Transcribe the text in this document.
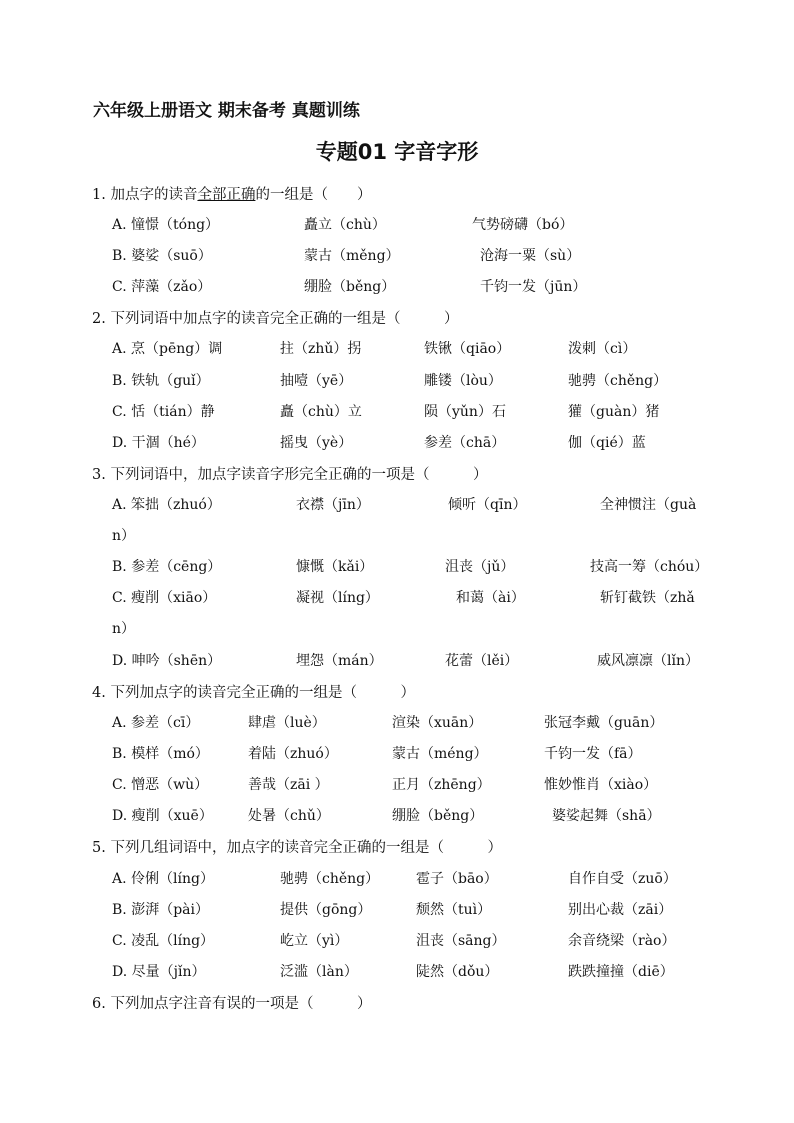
六年级上册语文 期末备考 真题训练
专题01 字音字形
1. 加点字的读音全部正确的一组是（　　）
A. 憧憬（tóng）	矗立（chù）	气势磅礴（bó）
B. 婆娑（suō）	蒙古（měng）	沧海一粟（sù）
C. 萍藻（zǎo）	绷脸（běng）	千钧一发（jūn）
2. 下列词语中加点字的读音完全正确的一组是（　　　）
A. 烹（pēng）调	拄（zhǔ）拐	铁锹（qiāo）	泼刺（cì）
B. 铁轨（guǐ）	抽噎（yē）	雕镂（lòu）	驰骋（chěng）
C. 恬（tián）静	矗（chù）立	陨（yǔn）石	獾（guàn）猪
D. 干涸（hé）	摇曳（yè）	参差（chā）	伽（qié）蓝
3. 下列词语中，加点字读音字形完全正确的一项是（　　　）
A. 笨拙（zhuó）	衣襟（jīn）	倾听（qīn）	全神惯注（guà
n）
B. 参差（cēng）	慷慨（kǎi）	沮丧（jǔ）	技高一筹（chóu）
C. 瘦削（xiāo）	凝视（líng）	和蔼（ài）	斩钉截铁（zhǎ
n）
D. 呻吟（shēn）	埋怨（mán）	花蕾（lěi）	威风凛凛（lǐn）
4. 下列加点字的读音完全正确的一组是（　　　）
A. 参差（cī）	肆虐（luè）	渲染（xuān）	张冠李戴（guān）
B. 模样（mó）	着陆（zhuó）	蒙古（méng）	千钧一发（fā）
C. 憎恶（wù）	善哉（zāi ）	正月（zhēng）	惟妙惟肖（xiào）
D. 瘦削（xuē）	处暑（chǔ）	绷脸（běng）	婆娑起舞（shā）
5. 下列几组词语中，加点字的读音完全正确的一组是（　　　）
A. 伶俐（líng）	驰骋（chěng）	雹子（bāo）	自作自受（zuō）
B. 澎湃（pài）	提供（gōng）	颓然（tuì）	别出心裁（zāi）
C. 凌乱（líng）	屹立（yì）	沮丧（sāng）	余音绕梁（rào）
D. 尽量（jǐn）	泛滥（làn）	陡然（dǒu）	跌跌撞撞（diē）
6. 下列加点字注音有误的一项是（　　　）
